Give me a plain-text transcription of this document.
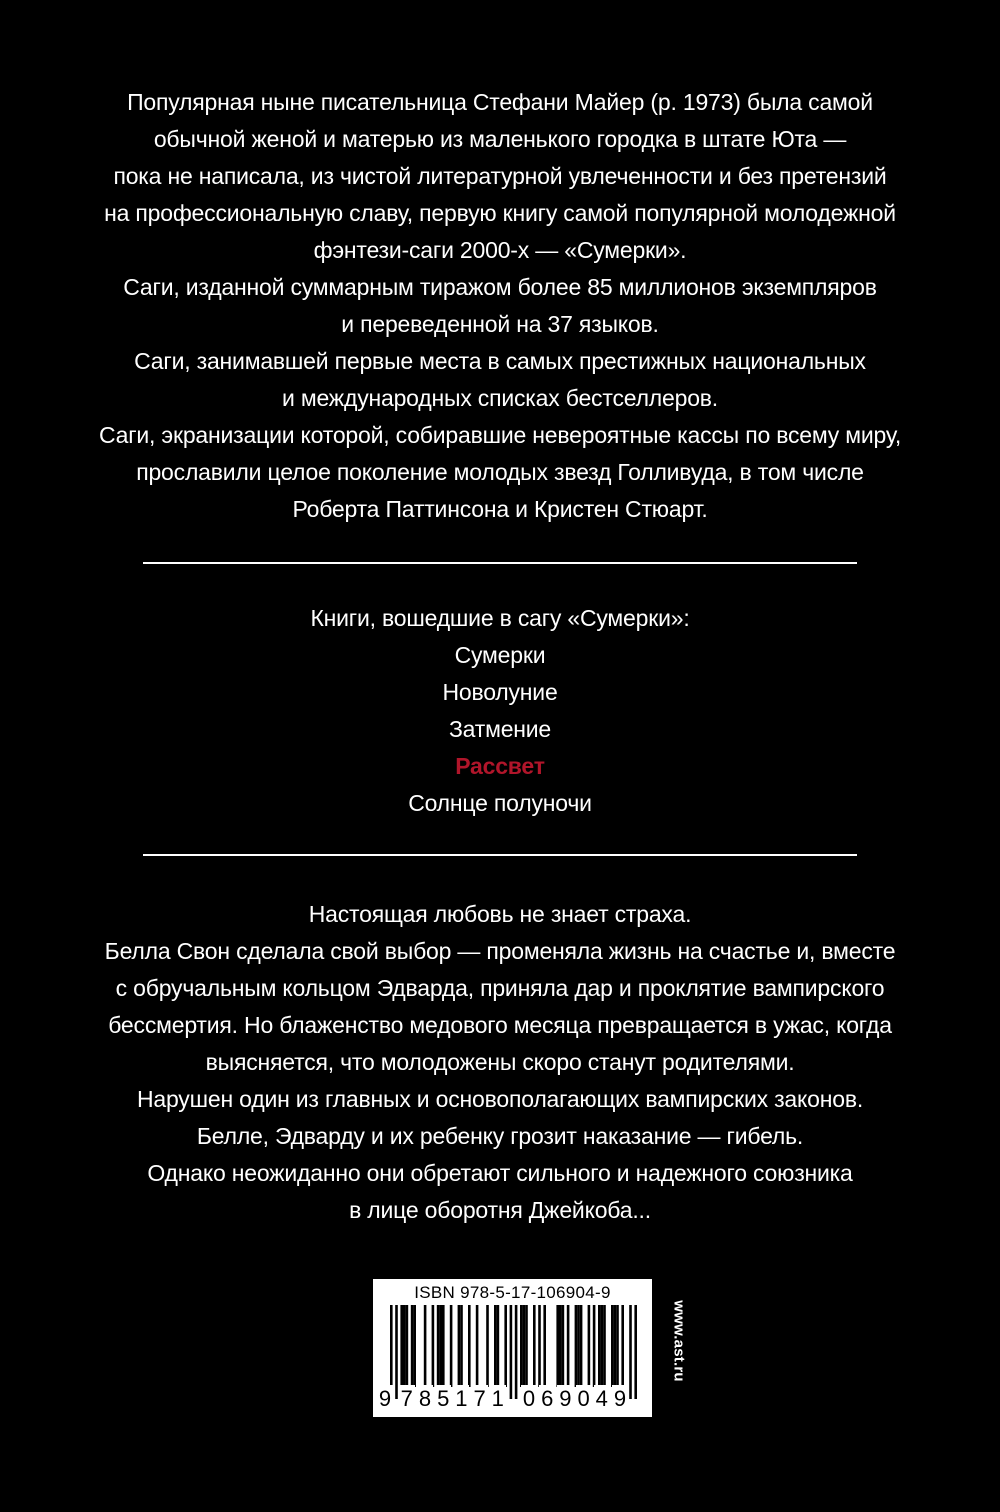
Популярная ныне писательница Стефани Майер (р. 1973) была самой
обычной женой и матерью из маленького городка в штате Юта —
пока не написала, из чистой литературной увлеченности и без претензий
на профессиональную славу, первую книгу самой популярной молодежной
фэнтези-саги 2000-х — «Сумерки».
Саги, изданной суммарным тиражом более 85 миллионов экземпляров
и переведенной на 37 языков.
Саги, занимавшей первые места в самых престижных национальных
и международных списках бестселлеров.
Саги, экранизации которой, собиравшие невероятные кассы по всему миру,
прославили целое поколение молодых звезд Голливуда, в том числе
Роберта Паттинсона и Кристен Стюарт.
Книги, вошедшие в сагу «Сумерки»:
Сумерки
Новолуние
Затмение
Рассвет
Солнце полуночи
Настоящая любовь не знает страха.
Белла Свон сделала свой выбор — променяла жизнь на счастье и, вместе
с обручальным кольцом Эдварда, приняла дар и проклятие вампирского
бессмертия. Но блаженство медового месяца превращается в ужас, когда
выясняется, что молодожены скоро станут родителями.
Нарушен один из главных и основополагающих вампирских законов.
Белле, Эдварду и их ребенку грозит наказание — гибель.
Однако неожиданно они обретают сильного и надежного союзника
в лице оборотня Джейкоба...
ISBN 978-5-17-106904-9
9 7 8 5 1 7 1 0 6 9 0 4 9
www.ast.ru
